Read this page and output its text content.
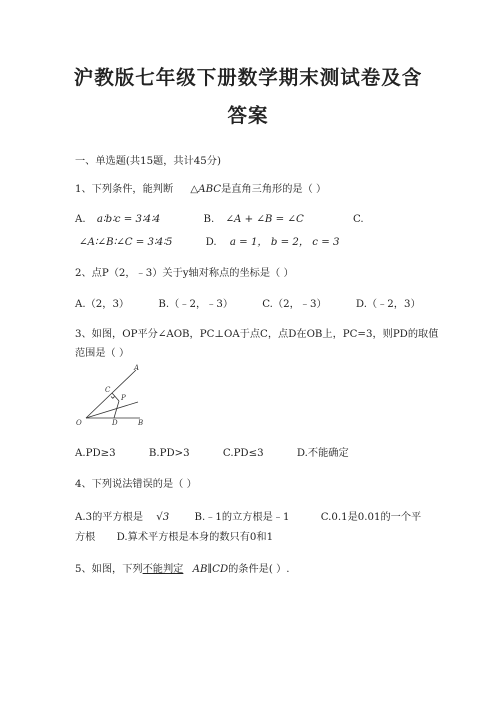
沪教版七年级下册数学期末测试卷及含
答案
一、单选题(共15题，共计45分)
1、下列条件，能判断 △ABC是直角三角形的是（ ）
A. a∶b∶c = 3∶4∶4	B. ∠A + ∠B = ∠C	C.
∠A∶∠B∶∠C = 3∶4∶5	D. a = 1， b = 2， c = 3
2、点P（2，﹣3）关于y轴对称点的坐标是（ ）
A.（2，3）	B.（﹣2，﹣3）	C.（2，﹣3）	D.（﹣2，3）
3、如图，OP平分∠AOB，PC⊥OA于点C，点D在OB上，PC=3，则PD的取值
范围是（ ）
A
C
P
O	D	B
A.PD≥3	B.PD>3	C.PD≤3	D.不能确定
4、下列说法错误的是（ ）
A.3的平方根是 √3 B.﹣1的立方根是﹣1	C.0.1是0.01的一个平
方根 D.算术平方根是本身的数只有0和1
5、如图，下列不能判定 AB∥CD的条件是( ）.
